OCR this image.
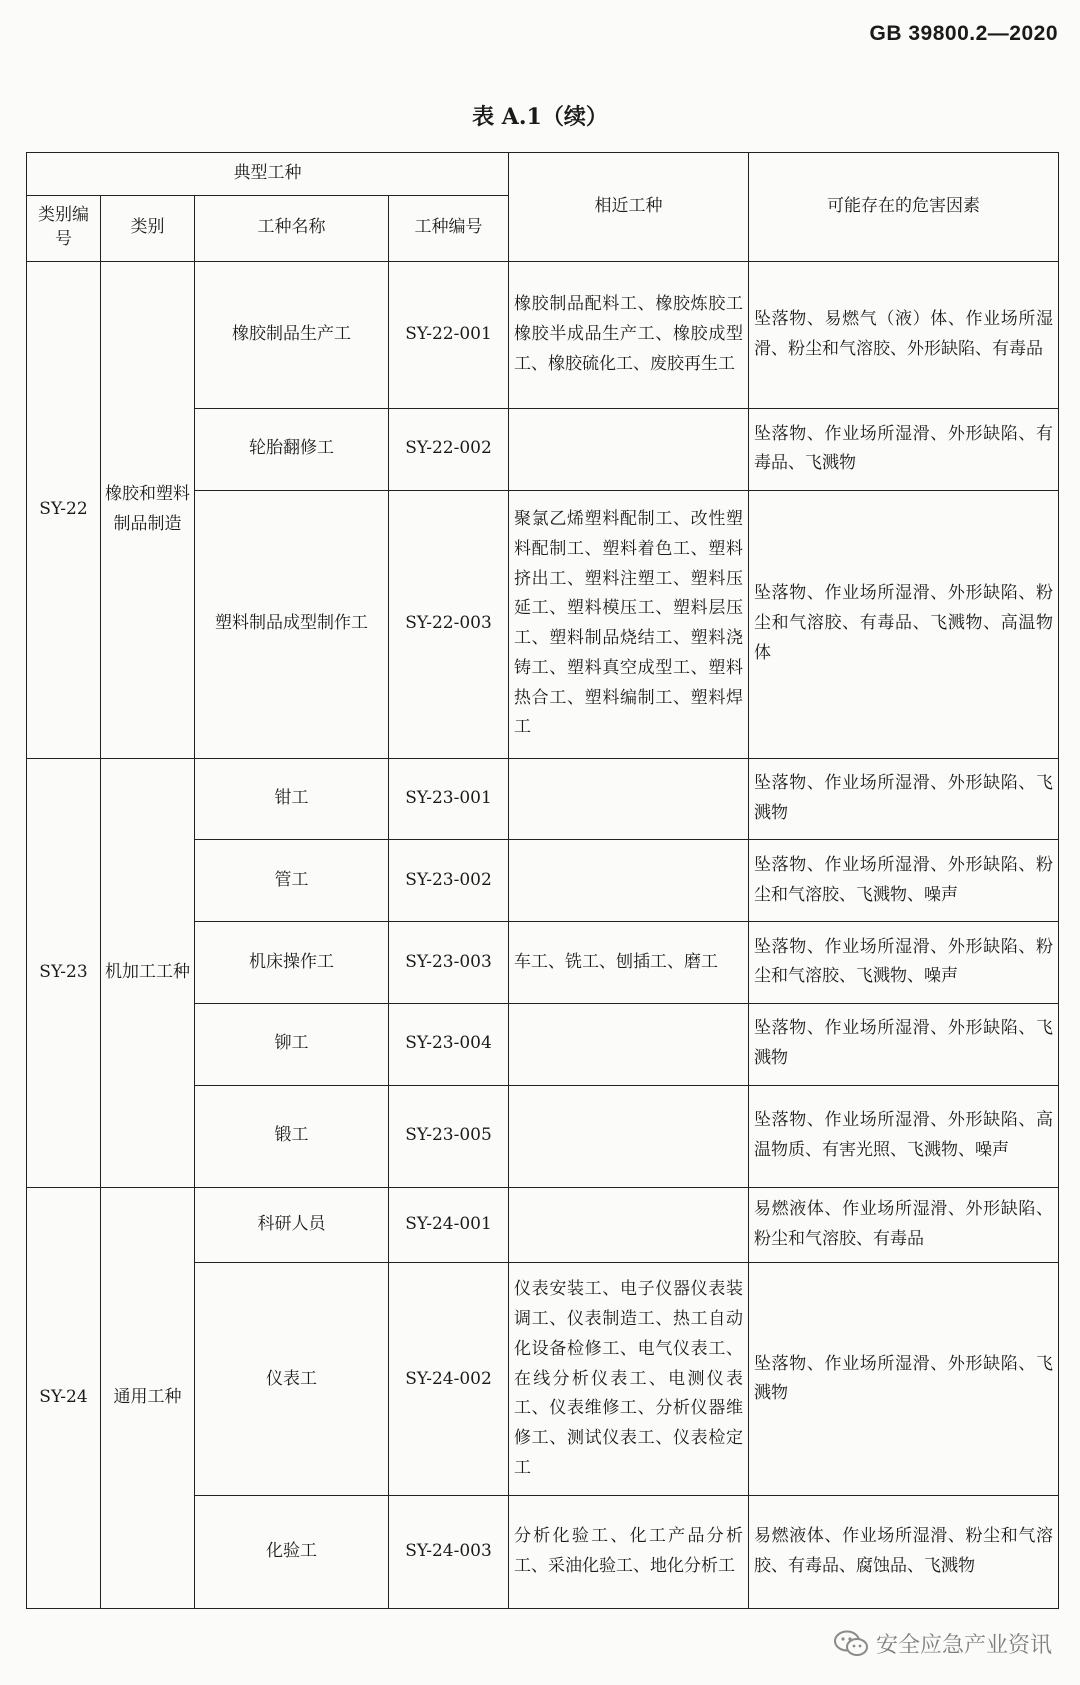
GB 39800.2—2020
表 A.1（续）
典型工种				相近工种	可能存在的危害因素
类别编号	类别	工种名称	工种编号		
SY-22	橡胶和塑料制品制造	橡胶制品生产工	SY-22-001	橡胶制品配料工、橡胶炼胶工橡胶半成品生产工、橡胶成型工、橡胶硫化工、废胶再生工	坠落物、易燃气（液）体、作业场所湿滑、粉尘和气溶胶、外形缺陷、有毒品
		轮胎翻修工	SY-22-002		坠落物、作业场所湿滑、外形缺陷、有毒品、飞溅物
		塑料制品成型制作工	SY-22-003	聚氯乙烯塑料配制工、改性塑料配制工、塑料着色工、塑料挤出工、塑料注塑工、塑料压延工、塑料模压工、塑料层压工、塑料制品烧结工、塑料浇铸工、塑料真空成型工、塑料热合工、塑料编制工、塑料焊工	坠落物、作业场所湿滑、外形缺陷、粉尘和气溶胶、有毒品、飞溅物、高温物体
SY-23	机加工工种	钳工	SY-23-001		坠落物、作业场所湿滑、外形缺陷、飞溅物
		管工	SY-23-002		坠落物、作业场所湿滑、外形缺陷、粉尘和气溶胶、飞溅物、噪声
		机床操作工	SY-23-003	车工、铣工、刨插工、磨工	坠落物、作业场所湿滑、外形缺陷、粉尘和气溶胶、飞溅物、噪声
		铆工	SY-23-004		坠落物、作业场所湿滑、外形缺陷、飞溅物
		锻工	SY-23-005		坠落物、作业场所湿滑、外形缺陷、高温物质、有害光照、飞溅物、噪声
SY-24	通用工种	科研人员	SY-24-001		易燃液体、作业场所湿滑、外形缺陷、粉尘和气溶胶、有毒品
		仪表工	SY-24-002	仪表安装工、电子仪器仪表装调工、仪表制造工、热工自动化设备检修工、电气仪表工、在线分析仪表工、电测仪表工、仪表维修工、分析仪器维修工、测试仪表工、仪表检定工	坠落物、作业场所湿滑、外形缺陷、飞溅物
		化验工	SY-24-003	分析化验工、化工产品分析工、采油化验工、地化分析工	易燃液体、作业场所湿滑、粉尘和气溶胶、有毒品、腐蚀品、飞溅物
安全应急产业资讯
